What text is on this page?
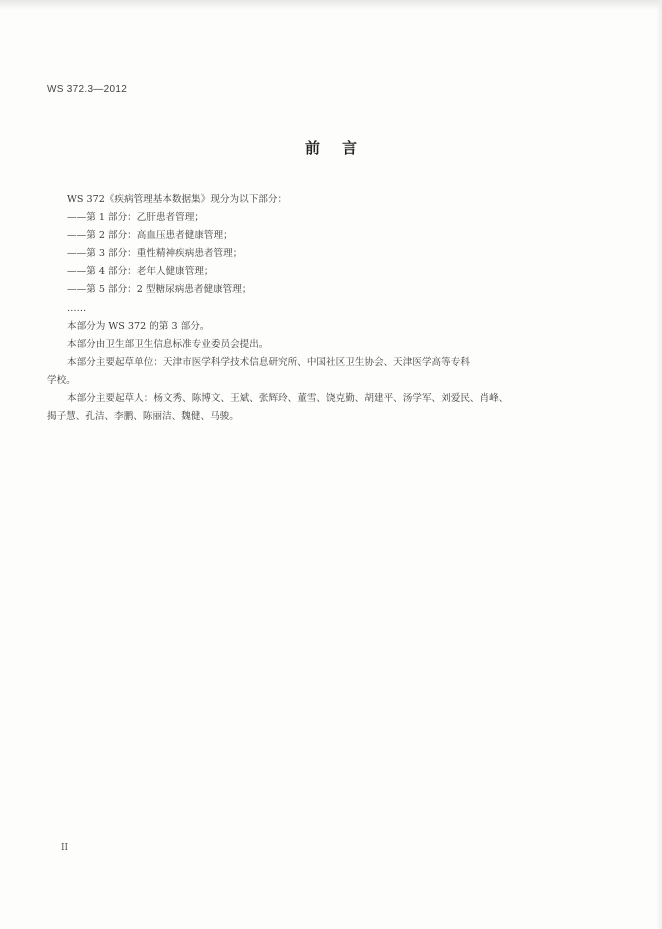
WS 372.3—2012
前言
WS 372《疾病管理基本数据集》现分为以下部分：
——第 1 部分：乙肝患者管理；
——第 2 部分：高血压患者健康管理；
——第 3 部分：重性精神疾病患者管理；
——第 4 部分：老年人健康管理；
——第 5 部分：2 型糖尿病患者健康管理；
……
本部分为 WS 372 的第 3 部分。
本部分由卫生部卫生信息标准专业委员会提出。
本部分主要起草单位：天津市医学科学技术信息研究所、中国社区卫生协会、天津医学高等专科
学校。
本部分主要起草人：杨文秀、陈博文、王斌、张辉玲、董雪、饶克勤、胡建平、汤学军、刘爱民、肖峰、
揭子慧、孔洁、李鹏、陈丽洁、魏健、马骏。
II
